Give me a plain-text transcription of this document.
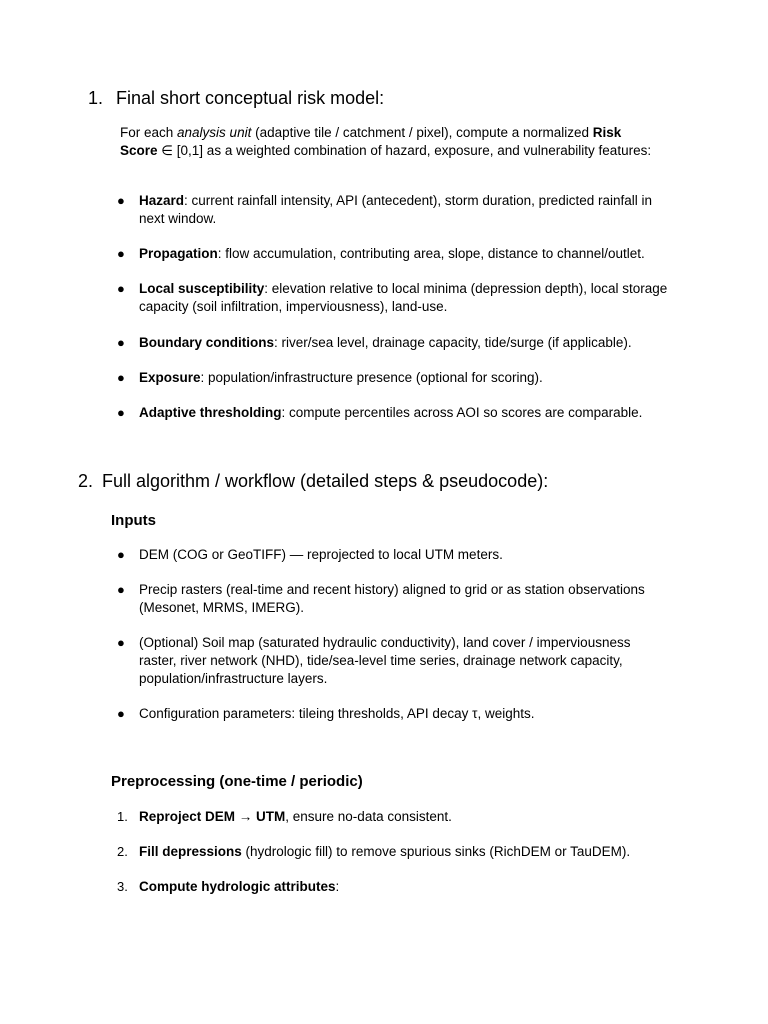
1. Final short conceptual risk model:

For each analysis unit (adaptive tile / catchment / pixel), compute a normalized Risk Score ∈ [0,1] as a weighted combination of hazard, exposure, and vulnerability features:

●	Hazard: current rainfall intensity, API (antecedent), storm duration, predicted rainfall in next window.
●	Propagation: flow accumulation, contributing area, slope, distance to channel/outlet.
●	Local susceptibility: elevation relative to local minima (depression depth), local storage capacity (soil infiltration, imperviousness), land-use.
●	Boundary conditions: river/sea level, drainage capacity, tide/surge (if applicable).
●	Exposure: population/infrastructure presence (optional for scoring).
●	Adaptive thresholding: compute percentiles across AOI so scores are comparable.
2. Full algorithm / workflow (detailed steps & pseudocode):
Inputs
●	DEM (COG or GeoTIFF) — reprojected to local UTM meters.
●	Precip rasters (real-time and recent history) aligned to grid or as station observations (Mesonet, MRMS, IMERG).
●	(Optional) Soil map (saturated hydraulic conductivity), land cover / imperviousness raster, river network (NHD), tide/sea-level time series, drainage network capacity, population/infrastructure layers.
●	Configuration parameters: tileing thresholds, API decay τ, weights.
Preprocessing (one-time / periodic)
1. Reproject DEM → UTM, ensure no-data consistent.
2. Fill depressions (hydrologic fill) to remove spurious sinks (RichDEM or TauDEM).
3. Compute hydrologic attributes:
